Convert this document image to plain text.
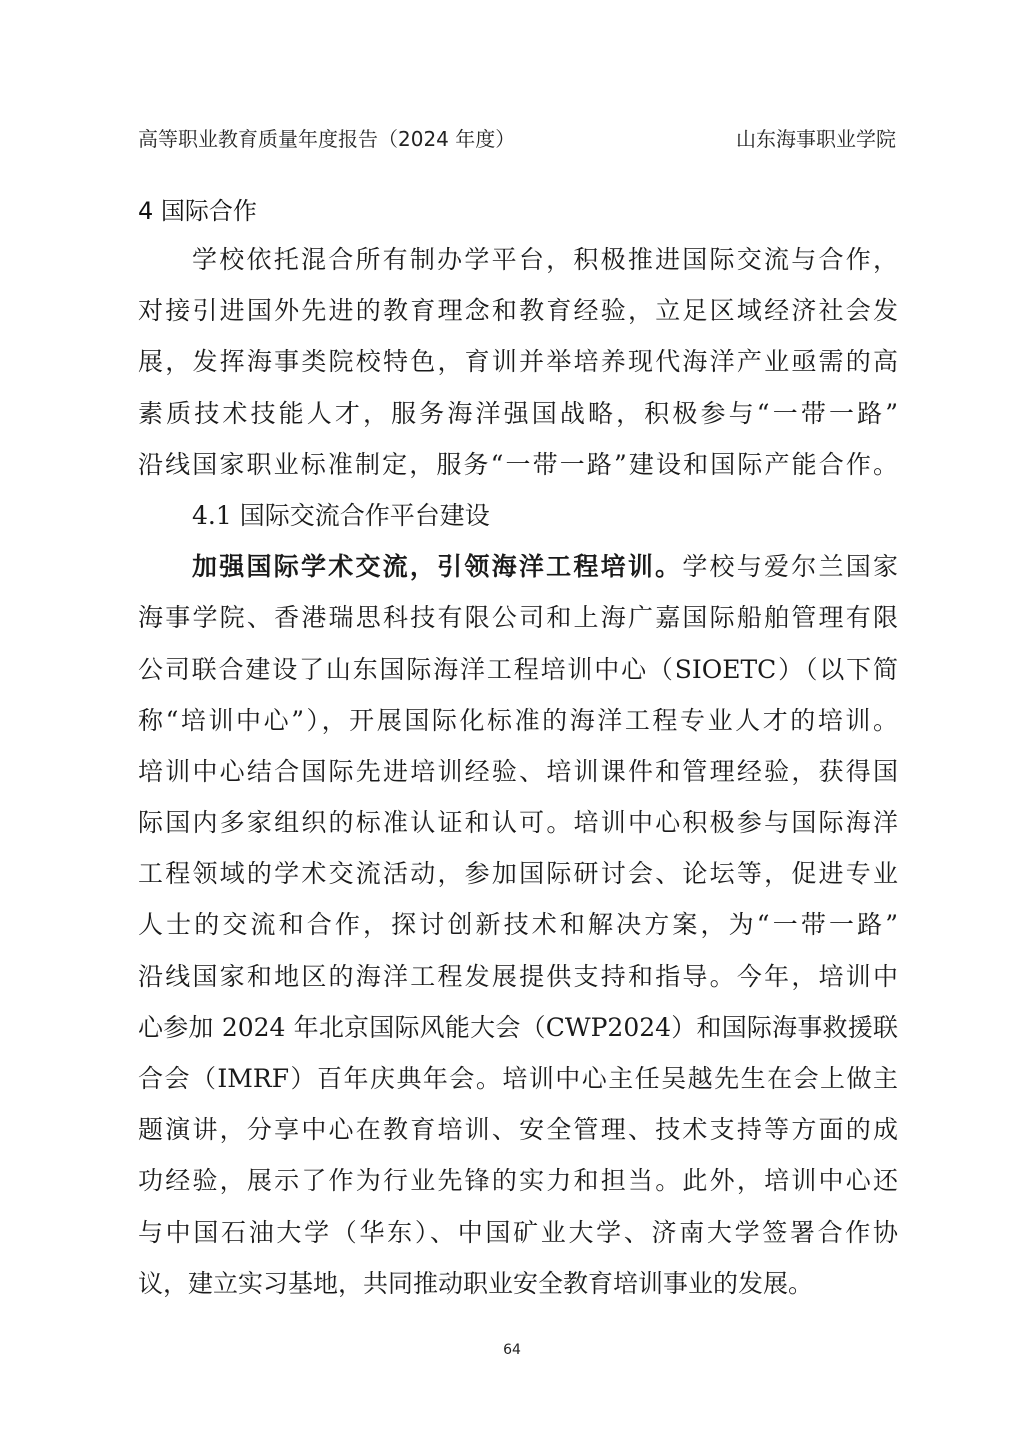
高等职业教育质量年度报告（2024 年度）	山东海事职业学院
4 国际合作
学校依托混合所有制办学平台，积极推进国际交流与合作，
对接引进国外先进的教育理念和教育经验，立足区域经济社会发
展，发挥海事类院校特色，育训并举培养现代海洋产业亟需的高
素质技术技能人才，服务海洋强国战略，积极参与“一带一路”
沿线国家职业标准制定，服务“一带一路”建设和国际产能合作。
4.1 国际交流合作平台建设
加强国际学术交流，引领海洋工程培训。学校与爱尔兰国家
海事学院、香港瑞思科技有限公司和上海广嘉国际船舶管理有限
公司联合建设了山东国际海洋工程培训中心（SIOETC）（以下简
称“培训中心”），开展国际化标准的海洋工程专业人才的培训。
培训中心结合国际先进培训经验、培训课件和管理经验，获得国
际国内多家组织的标准认证和认可。培训中心积极参与国际海洋
工程领域的学术交流活动，参加国际研讨会、论坛等，促进专业
人士的交流和合作，探讨创新技术和解决方案，为“一带一路”
沿线国家和地区的海洋工程发展提供支持和指导。今年，培训中
心参加 2024 年北京国际风能大会（CWP2024）和国际海事救援联
合会（IMRF）百年庆典年会。培训中心主任吴越先生在会上做主
题演讲，分享中心在教育培训、安全管理、技术支持等方面的成
功经验，展示了作为行业先锋的实力和担当。此外，培训中心还
与中国石油大学（华东）、中国矿业大学、济南大学签署合作协
议，建立实习基地，共同推动职业安全教育培训事业的发展。
64
